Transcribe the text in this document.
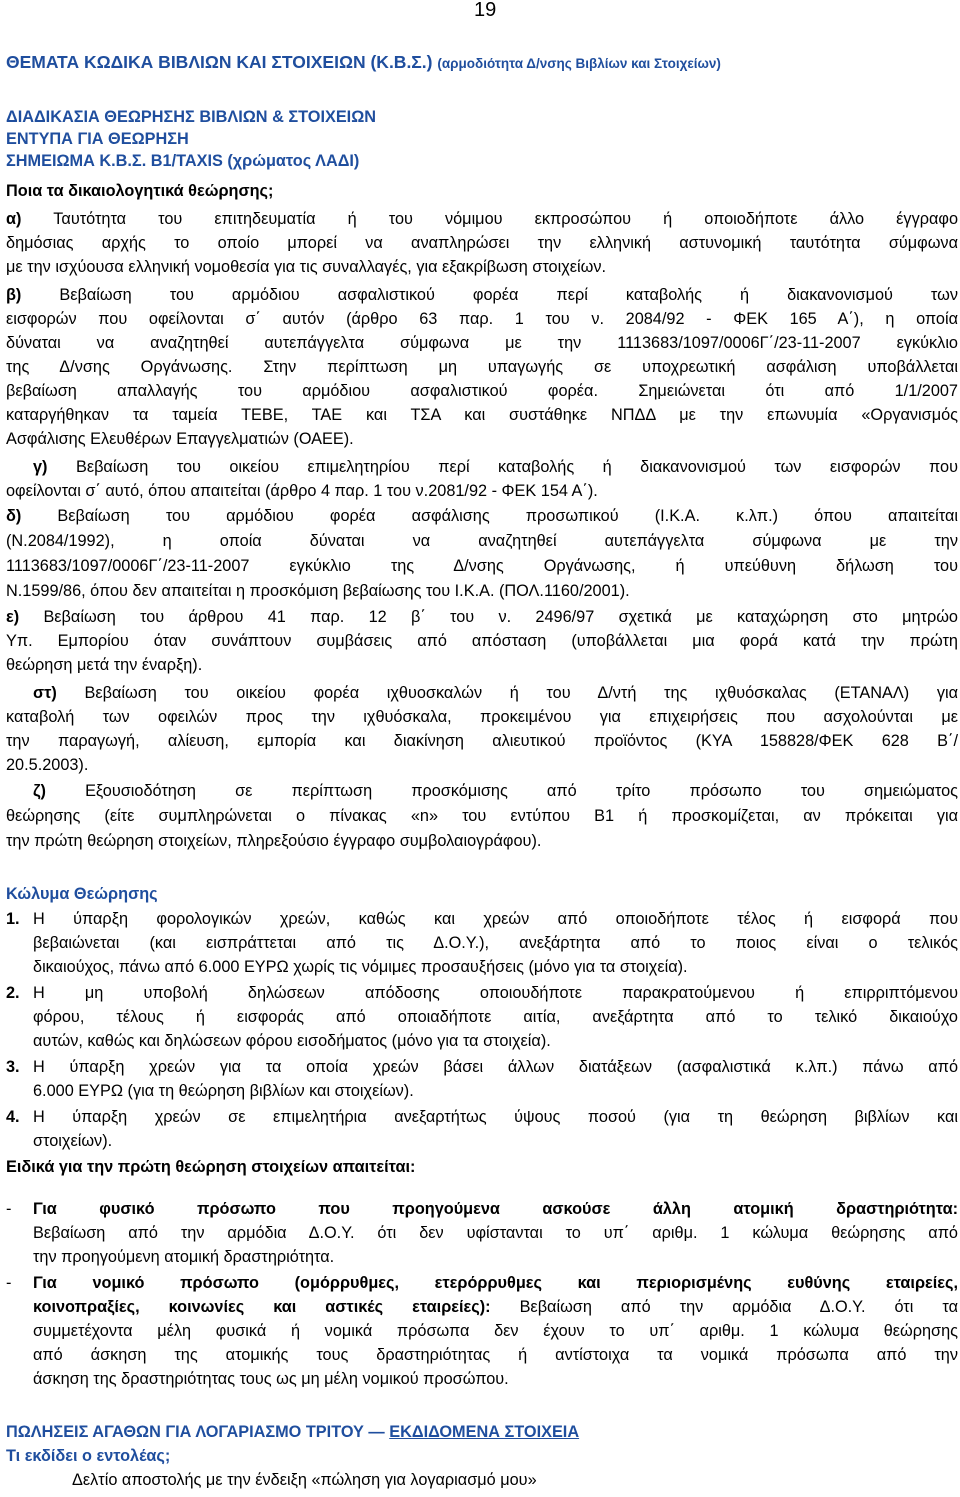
19
ΘΕΜΑΤΑ ΚΩΔΙΚΑ ΒΙΒΛΙΩΝ ΚΑΙ ΣΤΟΙΧΕΙΩΝ (Κ.Β.Σ.) (αρμοδιότητα Δ/νσης Βιβλίων και Στοιχείων)
ΔΙΑΔΙΚΑΣΙΑ ΘΕΩΡΗΣΗΣ ΒΙΒΛΙΩΝ & ΣΤΟΙΧΕΙΩΝ
ΕΝΤΥΠΑ ΓΙΑ ΘΕΩΡΗΣΗ
ΣΗΜΕΙΩΜΑ Κ.Β.Σ. Β1/TAXIS (χρώματος ΛΑΔΙ)
Ποια τα δικαιολογητικά θεώρησης;
α) Ταυτότητα του επιτηδευματία ή του νόμιμου εκπροσώπου ή οποιοδήποτε άλλο έγγραφο
δημόσιας αρχής το οποίο μπορεί να αναπληρώσει την ελληνική αστυνομική ταυτότητα σύμφωνα
με την ισχύουσα ελληνική νομοθεσία για τις συναλλαγές, για εξακρίβωση στοιχείων.
β) Βεβαίωση του αρμόδιου ασφαλιστικού φορέα περί καταβολής ή διακανονισμού των
εισφορών που οφείλονται σ΄ αυτόν (άρθρο 63 παρ. 1 του ν. 2084/92 - ΦΕΚ 165 Α΄), η οποία
δύναται να αναζητηθεί αυτεπάγγελτα σύμφωνα με την 1113683/1097/0006Γ΄/23-11-2007 εγκύκλιο
της Δ/νσης Οργάνωσης. Στην περίπτωση μη υπαγωγής σε υποχρεωτική ασφάλιση υποβάλλεται
βεβαίωση απαλλαγής του αρμόδιου ασφαλιστικού φορέα. Σημειώνεται ότι από 1/1/2007
καταργήθηκαν τα ταμεία ΤΕΒΕ, ΤΑΕ και ΤΣΑ και συστάθηκε ΝΠΔΔ με την επωνυμία «Οργανισμός
Ασφάλισης Ελευθέρων Επαγγελματιών (ΟΑΕΕ).
γ) Βεβαίωση του οικείου επιμελητηρίου περί καταβολής ή διακανονισμού των εισφορών που
οφείλονται σ΄ αυτό, όπου απαιτείται (άρθρο 4 παρ. 1 του ν.2081/92 - ΦΕΚ 154 Α΄).
δ) Βεβαίωση του αρμόδιου φορέα ασφάλισης προσωπικού (Ι.Κ.Α. κ.λπ.) όπου απαιτείται
(Ν.2084/1992), η οποία δύναται να αναζητηθεί αυτεπάγγελτα σύμφωνα με την
1113683/1097/0006Γ΄/23-11-2007 εγκύκλιο της Δ/νσης Οργάνωσης, ή υπεύθυνη δήλωση του
Ν.1599/86, όπου δεν απαιτείται η προσκόμιση βεβαίωσης του Ι.Κ.Α. (ΠΟΛ.1160/2001).
ε) Βεβαίωση του άρθρου 41 παρ. 12 β΄ του ν. 2496/97 σχετικά με καταχώρηση στο μητρώο
Υπ. Εμπορίου όταν συνάπτουν συμβάσεις από απόσταση (υποβάλλεται μια φορά κατά την πρώτη
θεώρηση μετά την έναρξη).
στ) Βεβαίωση του οικείου φορέα ιχθυοσκαλών ή του Δ/ντή της ιχθυόσκαλας (ΕΤΑΝΑΛ) για
καταβολή των οφειλών προς την ιχθυόσκαλα, προκειμένου για επιχειρήσεις που ασχολούνται με
την παραγωγή, αλίευση, εμπορία και διακίνηση αλιευτικού προϊόντος (ΚΥΑ 158828/ΦΕΚ 628 Β΄/
20.5.2003).
ζ) Εξουσιοδότηση σε περίπτωση προσκόμισης από τρίτο πρόσωπο του σημειώματος
θεώρησης (είτε συμπληρώνεται ο πίνακας «n» του εντύπου Β1 ή προσκομίζεται, αν πρόκειται για
την πρώτη θεώρηση στοιχείων, πληρεξούσιο έγγραφο συμβολαιογράφου).
Κώλυμα Θεώρησης
1. Η ύπαρξη φορολογικών χρεών, καθώς και χρεών από οποιοδήποτε τέλος ή εισφορά που
βεβαιώνεται (και εισπράττεται από τις Δ.Ο.Υ.), ανεξάρτητα από το ποιος είναι ο τελικός
δικαιούχος, πάνω από 6.000 ΕΥΡΩ χωρίς τις νόμιμες προσαυξήσεις (μόνο για τα στοιχεία).
2. Η μη υποβολή δηλώσεων απόδοσης οποιουδήποτε παρακρατούμενου ή επιρριπτόμενου
φόρου, τέλους ή εισφοράς από οποιαδήποτε αιτία, ανεξάρτητα από το τελικό δικαιούχο
αυτών, καθώς και δηλώσεων φόρου εισοδήματος (μόνο για τα στοιχεία).
3. Η ύπαρξη χρεών για τα οποία χρεών βάσει άλλων διατάξεων (ασφαλιστικά κ.λπ.) πάνω από
6.000 ΕΥΡΩ (για τη θεώρηση βιβλίων και στοιχείων).
4. Η ύπαρξη χρεών σε επιμελητήρια ανεξαρτήτως ύψους ποσού (για τη θεώρηση βιβλίων και
στοιχείων).
Ειδικά για την πρώτη θεώρηση στοιχείων απαιτείται:
- Για φυσικό πρόσωπο που προηγούμενα ασκούσε άλλη ατομική δραστηριότητα:
Βεβαίωση από την αρμόδια Δ.Ο.Υ. ότι δεν υφίστανται το υπ΄ αριθμ. 1 κώλυμα θεώρησης από
την προηγούμενη ατομική δραστηριότητα.
- Για νομικό πρόσωπο (ομόρρυθμες, ετερόρρυθμες και περιορισμένης ευθύνης εταιρείες,
κοινοπραξίες, κοινωνίες και αστικές εταιρείες): Βεβαίωση από την αρμόδια Δ.Ο.Υ. ότι τα
συμμετέχοντα μέλη φυσικά ή νομικά πρόσωπα δεν έχουν το υπ΄ αριθμ. 1 κώλυμα θεώρησης
από άσκηση της ατομικής τους δραστηριότητας ή αντίστοιχα τα νομικά πρόσωπα από την
άσκηση της δραστηριότητας τους ως μη μέλη νομικού προσώπου.
ΠΩΛΗΣΕΙΣ ΑΓΑΘΩΝ ΓΙΑ ΛΟΓΑΡΙΑΣΜΟ ΤΡΙΤΟΥ — ΕΚΔΙΔΟΜΕΝΑ ΣΤΟΙΧΕΙΑ
Τι εκδίδει ο εντολέας;
Δελτίο αποστολής με την ένδειξη «πώληση για λογαριασμό μου»
